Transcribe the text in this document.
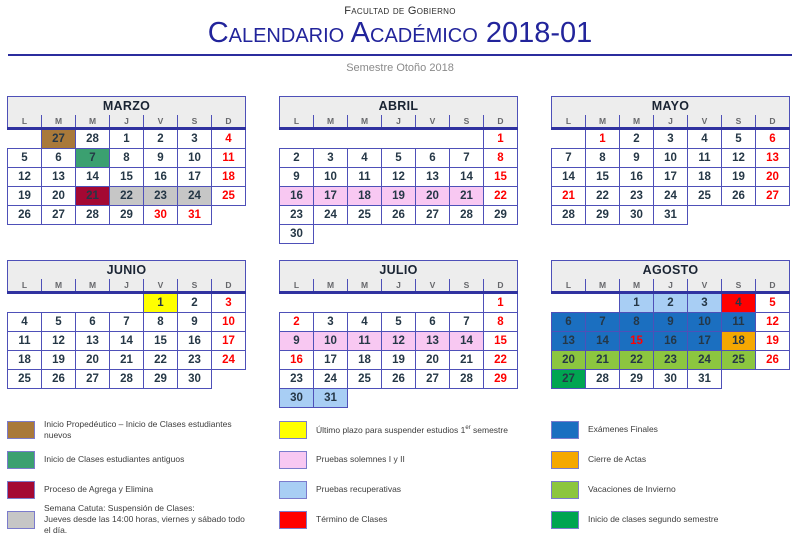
Facultad de Gobierno
Calendario Académico 2018-01
Semestre Otoño 2018
MARZO						
L	M	M	J	V	S	D
	27	28	1	2	3	4
5	6	7	8	9	10	11
12	13	14	15	16	17	18
19	20	21	22	23	24	25
26	27	28	29	30	31	
ABRIL						
L	M	M	J	V	S	D
						1
2	3	4	5	6	7	8
9	10	11	12	13	14	15
16	17	18	19	20	21	22
23	24	25	26	27	28	29
30						
MAYO						
L	M	M	J	V	S	D
	1	2	3	4	5	6
7	8	9	10	11	12	13
14	15	16	17	18	19	20
21	22	23	24	25	26	27
28	29	30	31			
JUNIO						
L	M	M	J	V	S	D
				1	2	3
4	5	6	7	8	9	10
11	12	13	14	15	16	17
18	19	20	21	22	23	24
25	26	27	28	29	30	
JULIO						
L	M	M	J	V	S	D
						1
2	3	4	5	6	7	8
9	10	11	12	13	14	15
16	17	18	19	20	21	22
23	24	25	26	27	28	29
30	31					
AGOSTO						
L	M	M	J	V	S	D
		1	2	3	4	5
6	7	8	9	10	11	12
13	14	15	16	17	18	19
20	21	22	23	24	25	26
27	28	29	30	31		
Inicio Propedéutico – Inicio de Clases estudiantes nuevos
Inicio de Clases estudiantes antiguos
Proceso de Agrega y Elimina
Semana Catuta: Suspensión de Clases:
Jueves desde las 14:00 horas, viernes y sábado todo el día.
Último plazo para suspender estudios 1er semestre
Pruebas solemnes I y II
Pruebas recuperativas
Término de Clases
Exámenes Finales
Cierre de Actas
Vacaciones de Invierno
Inicio de clases segundo semestre
